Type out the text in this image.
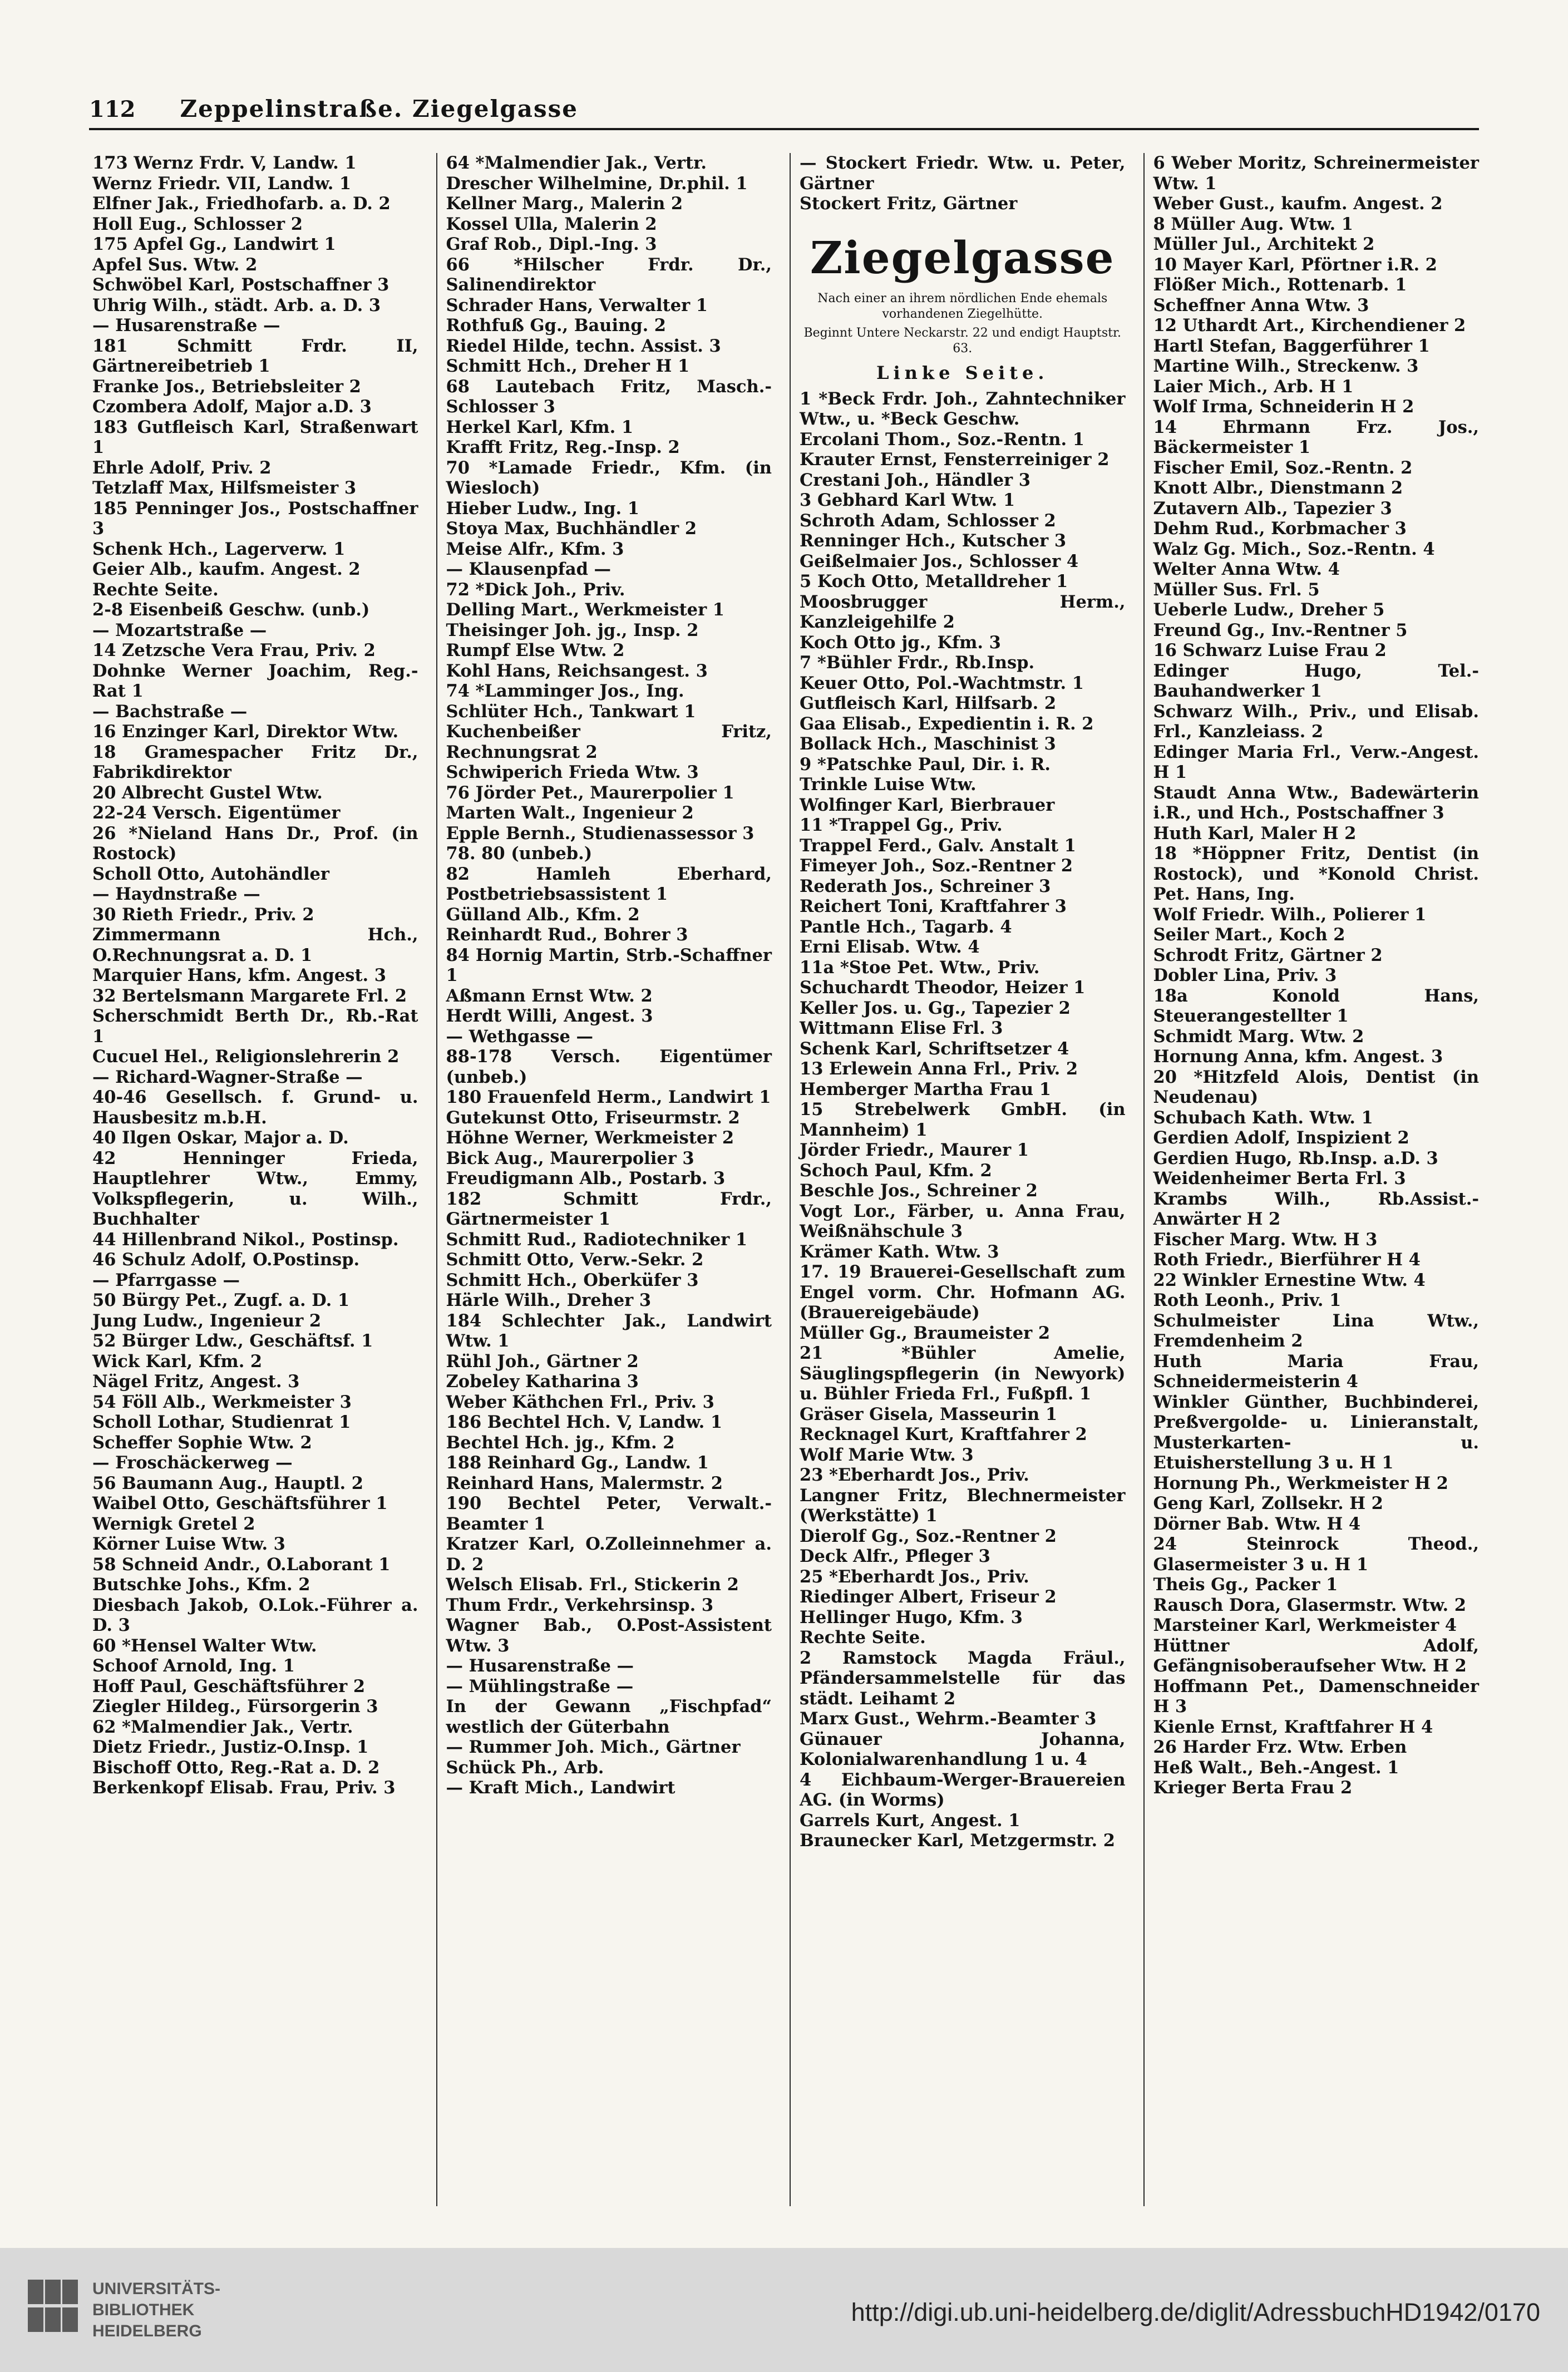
112 Zeppelinstraße. Ziegelgasse

173 Wernz Frdr. V, Landw. 1

Wernz Friedr. VII, Landw. 1

Elfner Jak., Friedhofarb. a. D. 2

Holl Eug., Schlosser 2

175 Apfel Gg., Landwirt 1

Apfel Sus. Wtw. 2

Schwöbel Karl, Postschaffner 3

Uhrig Wilh., städt. Arb. a. D. 3

— Husarenstraße —

181 Schmitt Frdr. II, Gärtnereibetrieb 1

Franke Jos., Betriebsleiter 2

Czombera Adolf, Major a.D. 3

183 Gutfleisch Karl, Straßenwart 1

Ehrle Adolf, Priv. 2

Tetzlaff Max, Hilfsmeister 3

185 Penninger Jos., Postschaffner 3

Schenk Hch., Lagerverw. 1

Geier Alb., kaufm. Angest. 2

Rechte Seite.

2-8 Eisenbeiß Geschw. (unb.)

— Mozartstraße —

14 Zetzsche Vera Frau, Priv. 2

Dohnke Werner Joachim, Reg.-Rat 1

— Bachstraße —

16 Enzinger Karl, Direktor Wtw.

18 Gramespacher Fritz Dr., Fabrikdirektor

20 Albrecht Gustel Wtw.

22-24 Versch. Eigentümer

26 *Nieland Hans Dr., Prof. (in Rostock)

Scholl Otto, Autohändler

— Haydnstraße —

30 Rieth Friedr., Priv. 2

Zimmermann Hch., O.Rechnungsrat a. D. 1

Marquier Hans, kfm. Angest. 3

32 Bertelsmann Margarete Frl. 2

Scherschmidt Berth Dr., Rb.-Rat 1

Cucuel Hel., Religionslehrerin 2

— Richard-Wagner-Straße —

40-46 Gesellsch. f. Grund- u. Hausbesitz m.b.H.

40 Ilgen Oskar, Major a. D.

42 Henninger Frieda, Hauptlehrer Wtw., Emmy, Volkspflegerin, u. Wilh., Buchhalter

44 Hillenbrand Nikol., Postinsp.

46 Schulz Adolf, O.Postinsp.

— Pfarrgasse —

50 Bürgy Pet., Zugf. a. D. 1

Jung Ludw., Ingenieur 2

52 Bürger Ldw., Geschäftsf. 1

Wick Karl, Kfm. 2

Nägel Fritz, Angest. 3

54 Föll Alb., Werkmeister 3

Scholl Lothar, Studienrat 1

Scheffer Sophie Wtw. 2

— Froschäckerweg —

56 Baumann Aug., Hauptl. 2

Waibel Otto, Geschäftsführer 1

Wernigk Gretel 2

Körner Luise Wtw. 3

58 Schneid Andr., O.Laborant 1

Butschke Johs., Kfm. 2

Diesbach Jakob, O.Lok.-Führer a. D. 3

60 *Hensel Walter Wtw.

Schoof Arnold, Ing. 1

Hoff Paul, Geschäftsführer 2

Ziegler Hildeg., Fürsorgerin 3

62 *Malmendier Jak., Vertr.

Dietz Friedr., Justiz-O.Insp. 1

Bischoff Otto, Reg.-Rat a. D. 2

Berkenkopf Elisab. Frau, Priv. 3

64 *Malmendier Jak., Vertr.

Drescher Wilhelmine, Dr.phil. 1

Kellner Marg., Malerin 2

Kossel Ulla, Malerin 2

Graf Rob., Dipl.-Ing. 3

66 *Hilscher Frdr. Dr., Salinendirektor

Schrader Hans, Verwalter 1

Rothfuß Gg., Bauing. 2

Riedel Hilde, techn. Assist. 3

Schmitt Hch., Dreher H 1

68 Lautebach Fritz, Masch.-Schlosser 3

Herkel Karl, Kfm. 1

Krafft Fritz, Reg.-Insp. 2

70 *Lamade Friedr., Kfm. (in Wiesloch)

Hieber Ludw., Ing. 1

Stoya Max, Buchhändler 2

Meise Alfr., Kfm. 3

— Klausenpfad —

72 *Dick Joh., Priv.

Delling Mart., Werkmeister 1

Theisinger Joh. jg., Insp. 2

Rumpf Else Wtw. 2

Kohl Hans, Reichsangest. 3

74 *Lamminger Jos., Ing.

Schlüter Hch., Tankwart 1

Kuchenbeißer Fritz, Rechnungsrat 2

Schwiperich Frieda Wtw. 3

76 Jörder Pet., Maurerpolier 1

Marten Walt., Ingenieur 2

Epple Bernh., Studienassessor 3

78. 80 (unbeb.)

82 Hamleh Eberhard, Postbetriebsassistent 1

Gülland Alb., Kfm. 2

Reinhardt Rud., Bohrer 3

84 Hornig Martin, Strb.-Schaffner 1

Aßmann Ernst Wtw. 2

Herdt Willi, Angest. 3

— Wethgasse —

88-178 Versch. Eigentümer (unbeb.)

180 Frauenfeld Herm., Landwirt 1

Gutekunst Otto, Friseurmstr. 2

Höhne Werner, Werkmeister 2

Bick Aug., Maurerpolier 3

Freudigmann Alb., Postarb. 3

182 Schmitt Frdr., Gärtnermeister 1

Schmitt Rud., Radiotechniker 1

Schmitt Otto, Verw.-Sekr. 2

Schmitt Hch., Oberküfer 3

Härle Wilh., Dreher 3

184 Schlechter Jak., Landwirt Wtw. 1

Rühl Joh., Gärtner 2

Zobeley Katharina 3

Weber Käthchen Frl., Priv. 3

186 Bechtel Hch. V, Landw. 1

Bechtel Hch. jg., Kfm. 2

188 Reinhard Gg., Landw. 1

Reinhard Hans, Malermstr. 2

190 Bechtel Peter, Verwalt.-Beamter 1

Kratzer Karl, O.Zolleinnehmer a. D. 2

Welsch Elisab. Frl., Stickerin 2

Thum Frdr., Verkehrsinsp. 3

Wagner Bab., O.Post-Assistent Wtw. 3

— Husarenstraße —

— Mühlingstraße —

In der Gewann „Fischpfad“ westlich der Güterbahn

— Rummer Joh. Mich., Gärtner

Schück Ph., Arb.

— Kraft Mich., Landwirt

— Stockert Friedr. Wtw. u. Peter, Gärtner

Stockert Fritz, Gärtner

Ziegelgasse
Nach einer an ihrem nördlichen Ende ehemals vorhandenen Ziegelhütte.
Beginnt Untere Neckarstr. 22 und endigt Hauptstr. 63.
Linke Seite.

1 *Beck Frdr. Joh., Zahntechniker Wtw., u. *Beck Geschw.

Ercolani Thom., Soz.-Rentn. 1

Krauter Ernst, Fensterreiniger 2

Crestani Joh., Händler 3

3 Gebhard Karl Wtw. 1

Schroth Adam, Schlosser 2

Renninger Hch., Kutscher 3

Geißelmaier Jos., Schlosser 4

5 Koch Otto, Metalldreher 1

Moosbrugger Herm., Kanzleigehilfe 2

Koch Otto jg., Kfm. 3

7 *Bühler Frdr., Rb.Insp.

Keuer Otto, Pol.-Wachtmstr. 1

Gutfleisch Karl, Hilfsarb. 2

Gaa Elisab., Expedientin i. R. 2

Bollack Hch., Maschinist 3

9 *Patschke Paul, Dir. i. R.

Trinkle Luise Wtw.

Wolfinger Karl, Bierbrauer

11 *Trappel Gg., Priv.

Trappel Ferd., Galv. Anstalt 1

Fimeyer Joh., Soz.-Rentner 2

Rederath Jos., Schreiner 3

Reichert Toni, Kraftfahrer 3

Pantle Hch., Tagarb. 4

Erni Elisab. Wtw. 4

11a *Stoe Pet. Wtw., Priv.

Schuchardt Theodor, Heizer 1

Keller Jos. u. Gg., Tapezier 2

Wittmann Elise Frl. 3

Schenk Karl, Schriftsetzer 4

13 Erlewein Anna Frl., Priv. 2

Hemberger Martha Frau 1

15 Strebelwerk GmbH. (in Mannheim) 1

Jörder Friedr., Maurer 1

Schoch Paul, Kfm. 2

Beschle Jos., Schreiner 2

Vogt Lor., Färber, u. Anna Frau, Weißnähschule 3

Krämer Kath. Wtw. 3

17. 19 Brauerei-Gesellschaft zum Engel vorm. Chr. Hofmann AG. (Brauereigebäude)

Müller Gg., Braumeister 2

21 *Bühler Amelie, Säuglingspflegerin (in Newyork) u. Bühler Frieda Frl., Fußpfl. 1

Gräser Gisela, Masseurin 1

Recknagel Kurt, Kraftfahrer 2

Wolf Marie Wtw. 3

23 *Eberhardt Jos., Priv.

Langner Fritz, Blechnermeister (Werkstätte) 1

Dierolf Gg., Soz.-Rentner 2

Deck Alfr., Pfleger 3

25 *Eberhardt Jos., Priv.

Riedinger Albert, Friseur 2

Hellinger Hugo, Kfm. 3

Rechte Seite.

2 Ramstock Magda Fräul., Pfändersammelstelle für das städt. Leihamt 2

Marx Gust., Wehrm.-Beamter 3

Günauer Johanna, Kolonialwarenhandlung 1 u. 4

4 Eichbaum-Werger-Brauereien AG. (in Worms)

Garrels Kurt, Angest. 1

Braunecker Karl, Metzgermstr. 2

6 Weber Moritz, Schreinermeister Wtw. 1

Weber Gust., kaufm. Angest. 2

8 Müller Aug. Wtw. 1

Müller Jul., Architekt 2

10 Mayer Karl, Pförtner i.R. 2

Flößer Mich., Rottenarb. 1

Scheffner Anna Wtw. 3

12 Uthardt Art., Kirchendiener 2

Hartl Stefan, Baggerführer 1

Martine Wilh., Streckenw. 3

Laier Mich., Arb. H 1

Wolf Irma, Schneiderin H 2

14 Ehrmann Frz. Jos., Bäckermeister 1

Fischer Emil, Soz.-Rentn. 2

Knott Albr., Dienstmann 2

Zutavern Alb., Tapezier 3

Dehm Rud., Korbmacher 3

Walz Gg. Mich., Soz.-Rentn. 4

Welter Anna Wtw. 4

Müller Sus. Frl. 5

Ueberle Ludw., Dreher 5

Freund Gg., Inv.-Rentner 5

16 Schwarz Luise Frau 2

Edinger Hugo, Tel.-Bauhandwerker 1

Schwarz Wilh., Priv., und Elisab. Frl., Kanzleiass. 2

Edinger Maria Frl., Verw.-Angest. H 1

Staudt Anna Wtw., Badewärterin i.R., und Hch., Postschaffner 3

Huth Karl, Maler H 2

18 *Höppner Fritz, Dentist (in Rostock), und *Konold Christ. Pet. Hans, Ing.

Wolf Friedr. Wilh., Polierer 1

Seiler Mart., Koch 2

Schrodt Fritz, Gärtner 2

Dobler Lina, Priv. 3

18a Konold Hans, Steuerangestellter 1

Schmidt Marg. Wtw. 2

Hornung Anna, kfm. Angest. 3

20 *Hitzfeld Alois, Dentist (in Neudenau)

Schubach Kath. Wtw. 1

Gerdien Adolf, Inspizient 2

Gerdien Hugo, Rb.Insp. a.D. 3

Weidenheimer Berta Frl. 3

Krambs Wilh., Rb.Assist.-Anwärter H 2

Fischer Marg. Wtw. H 3

Roth Friedr., Bierführer H 4

22 Winkler Ernestine Wtw. 4

Roth Leonh., Priv. 1

Schulmeister Lina Wtw., Fremdenheim 2

Huth Maria Frau, Schneidermeisterin 4

Winkler Günther, Buchbinderei, Preßvergolde- u. Linieranstalt, Musterkarten- u. Etuisherstellung 3 u. H 1

Hornung Ph., Werkmeister H 2

Geng Karl, Zollsekr. H 2

Dörner Bab. Wtw. H 4

24 Steinrock Theod., Glasermeister 3 u. H 1

Theis Gg., Packer 1

Rausch Dora, Glasermstr. Wtw. 2

Marsteiner Karl, Werkmeister 4

Hüttner Adolf, Gefängnisoberaufseher Wtw. H 2

Hoffmann Pet., Damenschneider H 3

Kienle Ernst, Kraftfahrer H 4

26 Harder Frz. Wtw. Erben

Heß Walt., Beh.-Angest. 1

Krieger Berta Frau 2

UNIVERSITÄTS-
BIBLIOTHEK
HEIDELBERG
http://digi.ub.uni-heidelberg.de/diglit/AdressbuchHD1942/0170
